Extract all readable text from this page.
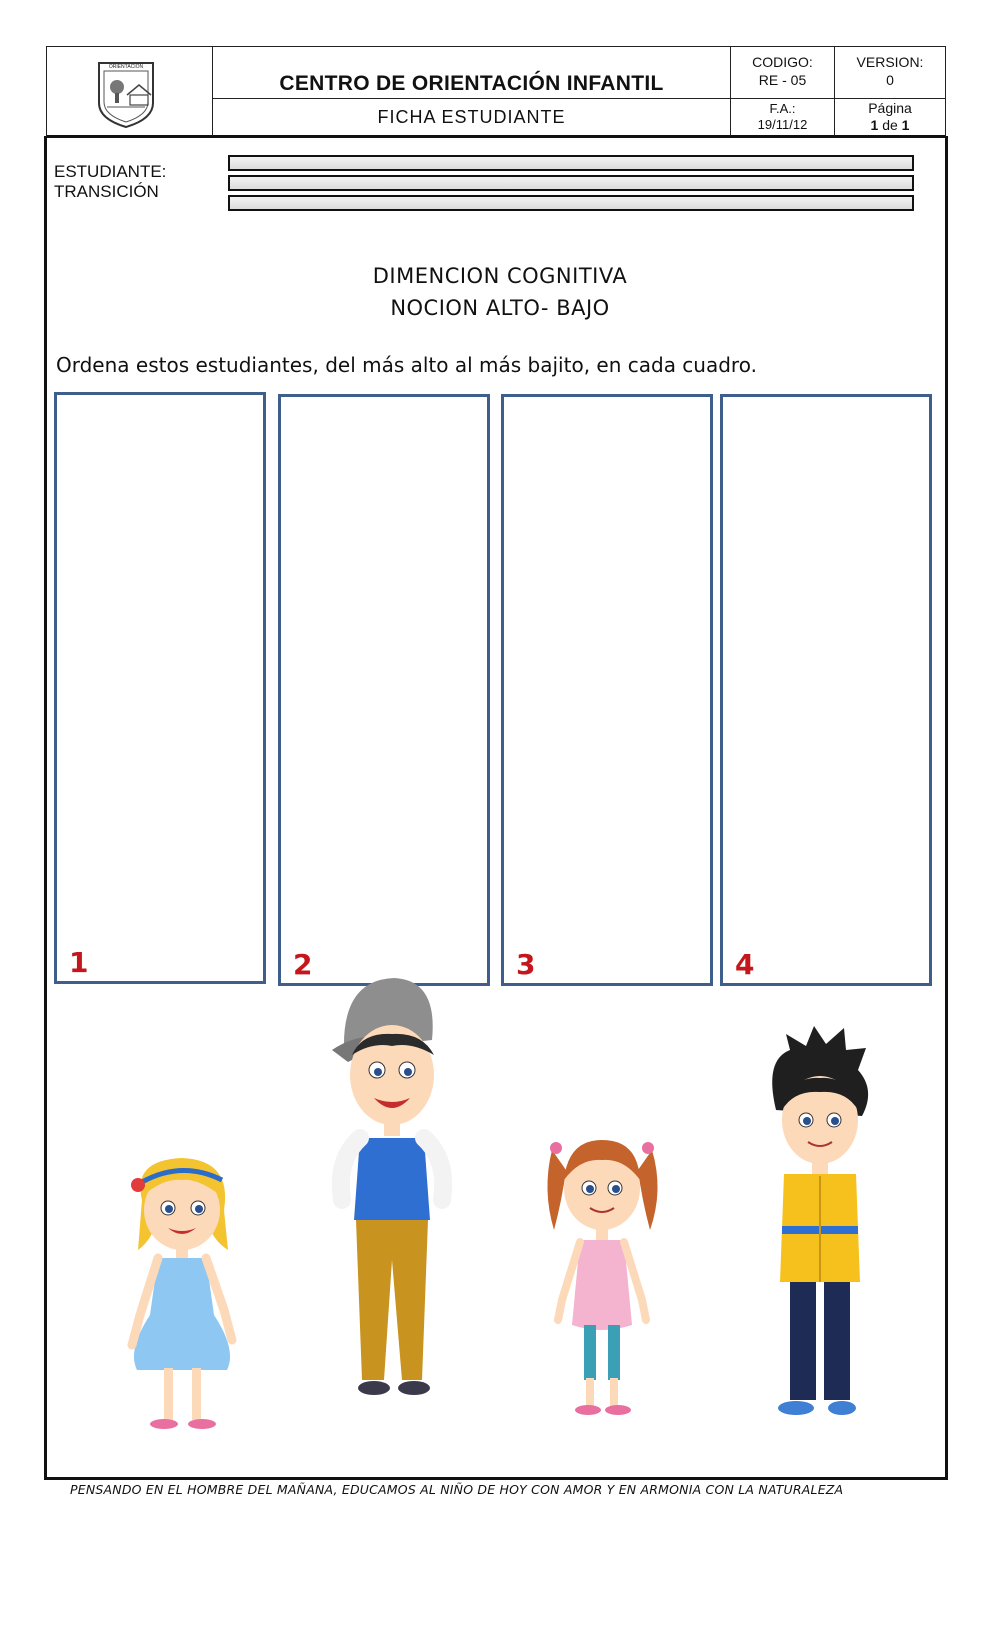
ORIENTACIÓN
CENTRO DE ORIENTACIÓN INFANTIL
FICHA ESTUDIANTE
CODIGO:
RE - 05
VERSION:
0
F.A.:
19/11/12
Página
1 de 1
ESTUDIANTE:
TRANSICIÓN
DIMENCION COGNITIVA
NOCION ALTO- BAJO
Ordena estos estudiantes, del más alto al más bajito, en cada cuadro.
1	2	3	4
PENSANDO EN EL HOMBRE DEL MAÑANA, EDUCAMOS AL NIÑO DE HOY CON AMOR Y EN ARMONIA CON LA NATURALEZA
